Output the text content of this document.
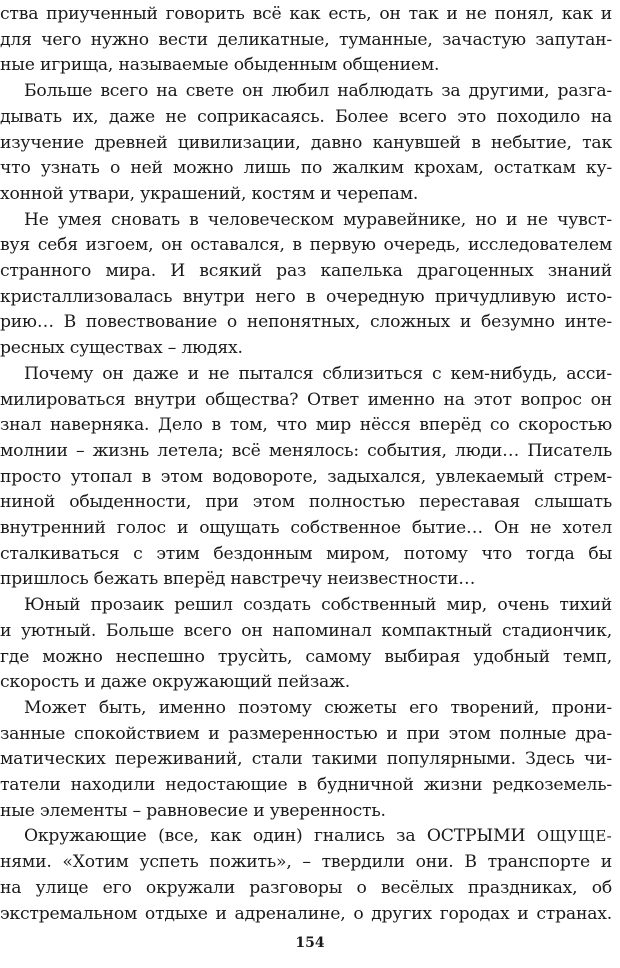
ства приученный говорить всё как есть, он так и не понял, как и
для чего нужно вести деликатные, туманные, зачастую запутан-
ные игрища, называемые обыденным общением.
Больше всего на свете он любил наблюдать за другими, разга-
дывать их, даже не соприкасаясь. Более всего это походило на
изучение древней цивилизации, давно канувшей в небытие, так
что узнать о ней можно лишь по жалким крохам, остаткам ку-
хонной утвари, украшений, костям и черепам.
Не умея сновать в человеческом муравейнике, но и не чувст-
вуя себя изгоем, он оставался, в первую очередь, исследователем
странного мира. И всякий раз капелька драгоценных знаний
кристаллизовалась внутри него в очередную причудливую исто-
рию… В повествование о непонятных, сложных и безумно инте-
ресных существах – людях.
Почему он даже и не пытался сблизиться с кем-нибудь, асси-
милироваться внутри общества? Ответ именно на этот вопрос он
знал наверняка. Дело в том, что мир нёсся вперёд со скоростью
молнии – жизнь летела; всё менялось: события, люди… Писатель
просто утопал в этом водовороте, задыхался, увлекаемый стрем-
ниной обыденности, при этом полностью переставая слышать
внутренний голос и ощущать собственное бытие… Он не хотел
сталкиваться с этим бездонным миром, потому что тогда бы
пришлось бежать вперёд навстречу неизвестности…
Юный прозаик решил создать собственный мир, очень тихий
и уютный. Больше всего он напоминал компактный стадиончик,
где можно неспешно трусѝть, самому выбирая удобный темп,
скорость и даже окружающий пейзаж.
Может быть, именно поэтому сюжеты его творений, прони-
занные спокойствием и размеренностью и при этом полные дра-
матических переживаний, стали такими популярными. Здесь чи-
татели находили недостающие в будничной жизни редкоземель-
ные элементы – равновесие и уверенность.
Окружающие (все, как один) гнались за ОСТРЫМИ ОЩУЩЕ-
нями. «Хотим успеть пожить», – твердили они. В транспорте и
на улице его окружали разговоры о весёлых праздниках, об
экстремальном отдыхе и адреналине, о других городах и странах.
154
